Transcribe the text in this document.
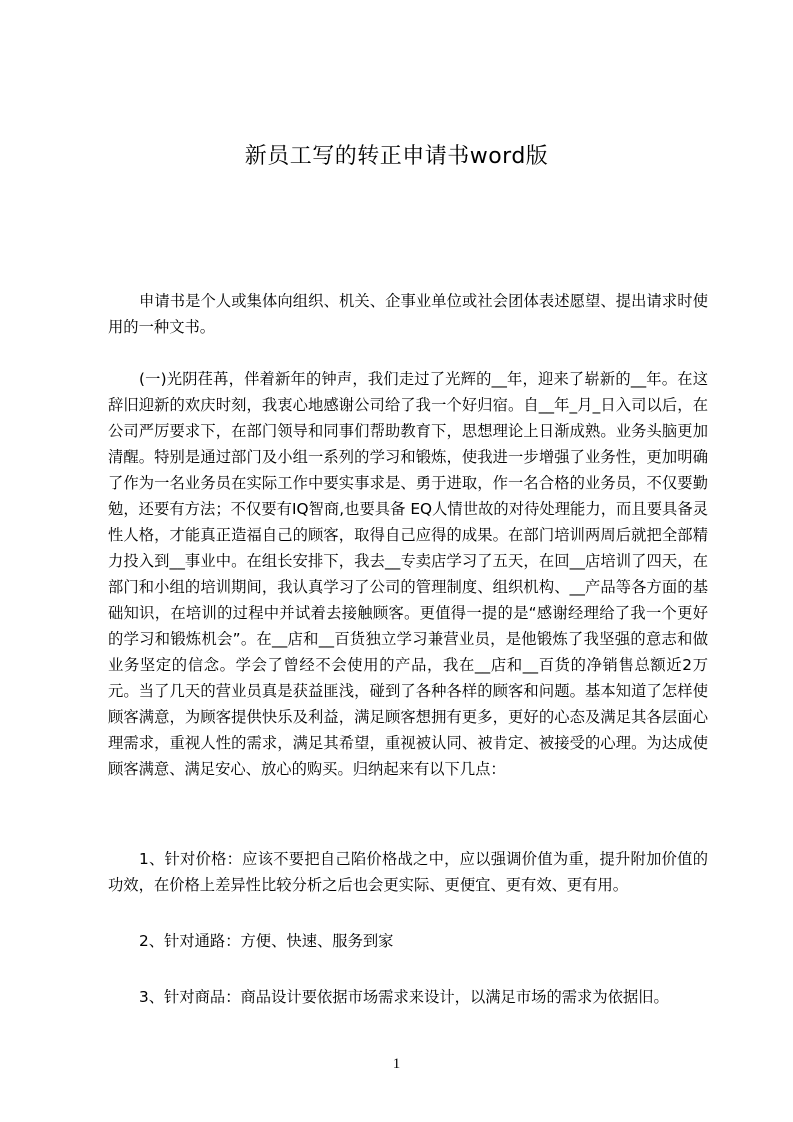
新员工写的转正申请书word版

申请书是个人或集体向组织、机关、企事业单位或社会团体表述愿望、提出请求时使用的一种文书。

(一)光阴荏苒，伴着新年的钟声，我们走过了光辉的__年，迎来了崭新的__年。在这辞旧迎新的欢庆时刻，我衷心地感谢公司给了我一个好归宿。自__年_月_日入司以后，在公司严厉要求下，在部门领导和同事们帮助教育下，思想理论上日渐成熟。业务头脑更加清醒。特别是通过部门及小组一系列的学习和锻炼，使我进一步增强了业务性，更加明确了作为一名业务员在实际工作中要实事求是、勇于进取，作一名合格的业务员，不仅要勤勉，还要有方法；不仅要有IQ智商,也要具备 EQ人情世故的对待处理能力，而且要具备灵性人格，才能真正造福自己的顾客，取得自己应得的成果。在部门培训两周后就把全部精力投入到__事业中。在组长安排下，我去__专卖店学习了五天，在回__店培训了四天，在部门和小组的培训期间，我认真学习了公司的管理制度、组织机构、__产品等各方面的基础知识，在培训的过程中并试着去接触顾客。更值得一提的是“感谢经理给了我一个更好的学习和锻炼机会”。在__店和__百货独立学习兼营业员，是他锻炼了我坚强的意志和做业务坚定的信念。学会了曾经不会使用的产品，我在__店和__百货的净销售总额近2万元。当了几天的营业员真是获益匪浅，碰到了各种各样的顾客和问题。基本知道了怎样使顾客满意，为顾客提供快乐及利益，满足顾客想拥有更多，更好的心态及满足其各层面心理需求，重视人性的需求，满足其希望，重视被认同、被肯定、被接受的心理。为达成使顾客满意、满足安心、放心的购买。归纳起来有以下几点：

1、针对价格：应该不要把自己陷价格战之中，应以强调价值为重，提升附加价值的功效，在价格上差异性比较分析之后也会更实际、更便宜、更有效、更有用。

2、针对通路：方便、快速、服务到家

3、针对商品：商品设计要依据市场需求来设计，以满足市场的需求为依据旧。

1
